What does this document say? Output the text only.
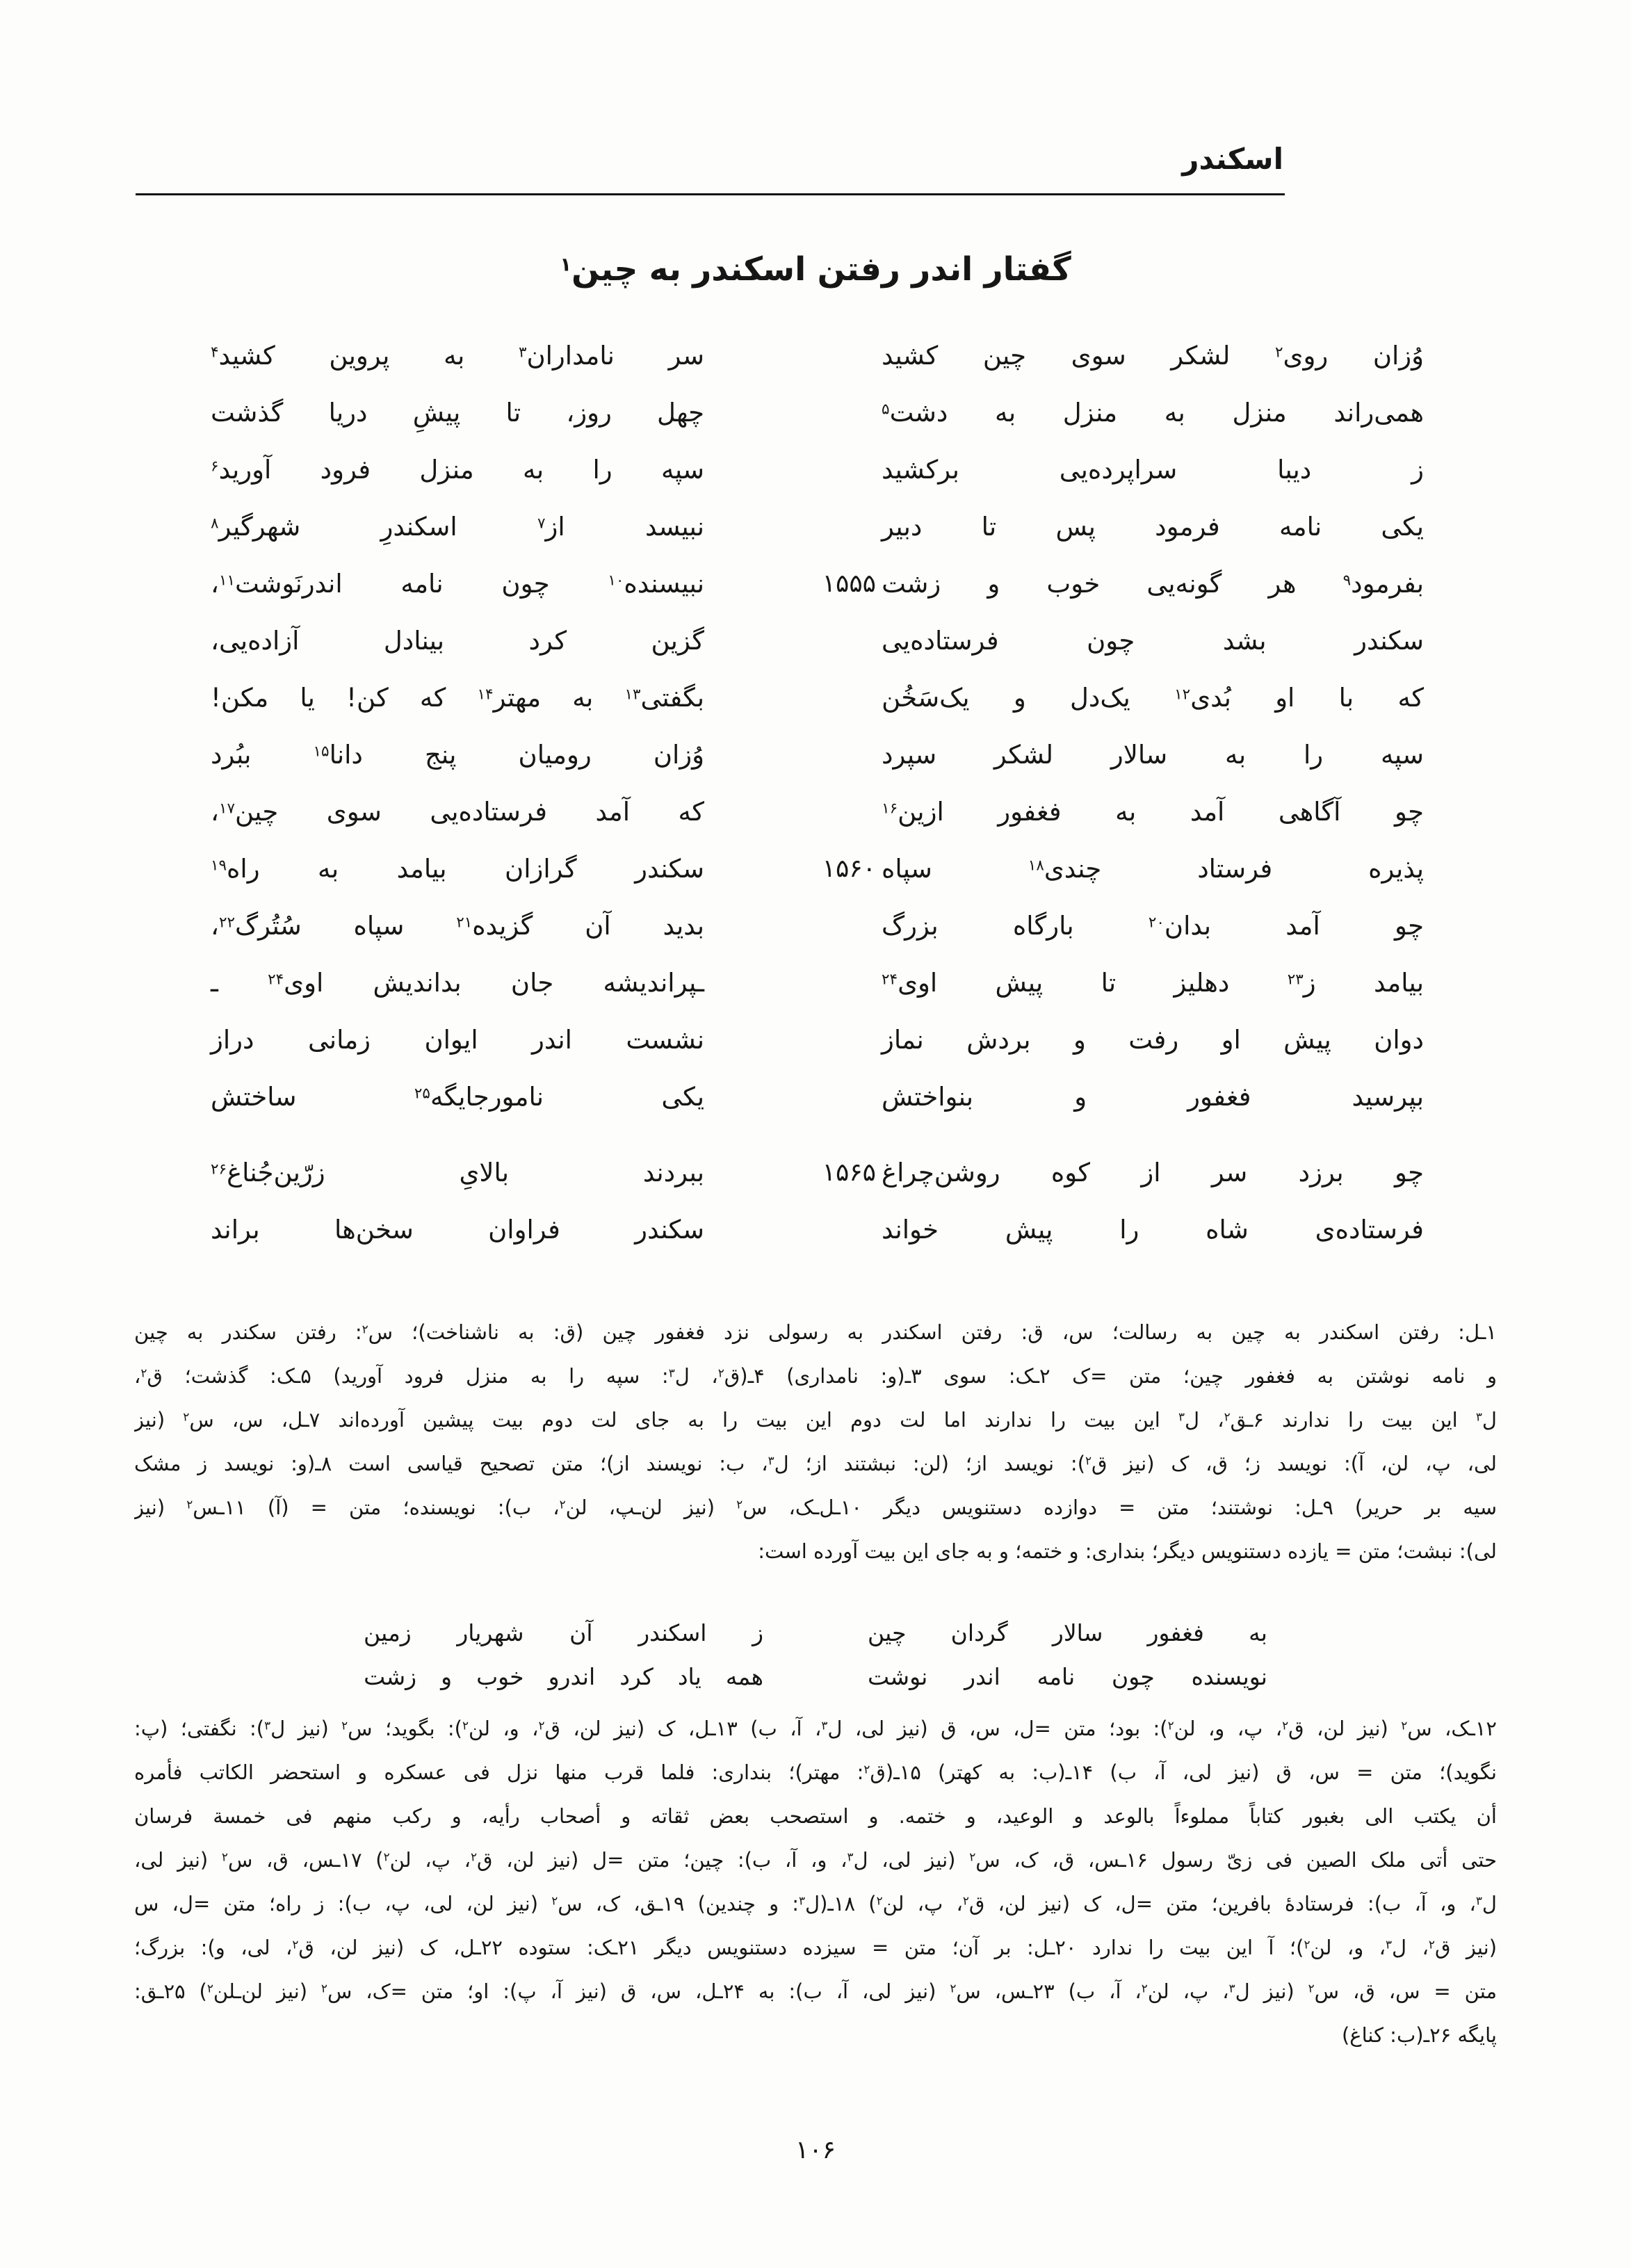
اسکندر
گفتار اندر رفتن اسکندر به چین$^۱$
وُزان
روی$^۲$
لشکر
سوی
چین
کشید
سر
نامداران$^۳$
به
پروین
کشید$^۴$
همی‌راند
منزل
به
منزل
به
دشت$^۵$
چهل
روز،
تا
پیشِ
دریا
گذشت
ز
دیبا
سراپرده‌یی
برکشید
سپه
را
به
منزل
فرود
آورید$^۶$
یکی
نامه
فرمود
پس
تا
دبیر
نبیسد
از$^۷$
اسکندرِ
شهرگیر$^۸$
بفرمود$^۹$
هر
گونه‌یی
خوب
و
زشت
۱۵۵۵
نبیسنده$^{۱۰}$
چون
نامه
اندرنَوشت$^{۱۱}$،
سکندر
بشد
چون
فرستاده‌یی
گزین
کرد
بینادل
آزاده‌یی،
که
با
او
بُدی$^{۱۲}$
یک‌دل
و
یک‌سَخُن
بگفتی$^{۱۳}$
به
مهتر$^{۱۴}$
که
کن!
یا
مکن!
سپه
را
به
سالار
لشکر
سپرد
وُزان
رومیان
پنج
دانا$^{۱۵}$
ببُرد
چو
آگاهی
آمد
به
فغفور
ازین$^{۱۶}$
که
آمد
فرستاده‌یی
سوی
چین$^{۱۷}$،
پذیره
فرستاد
چندی$^{۱۸}$
سپاه
۱۵۶۰
سکندر
گرازان
بیامد
به
راه$^{۱۹}$
چو
آمد
بدان$^{۲۰}$
بارگاه
بزرگ
بدید
آن
گزیده$^{۲۱}$
سپاه
سُتُرگ$^{۲۲}$،
بیامد
ز$^{۲۳}$
دهلیز
تا
پیش
اوی$^{۲۴}$
ـپراندیشه
جان
بداندیش
اوی$^{۲۴}$
ـ
دوان
پیش
او
رفت
و
بردش
نماز
نشست
اندر
ایوان
زمانی
دراز
بپرسید
فغفور
و
بنواختش
یکی
نامورجایگه$^{۲۵}$
ساختش
چو
برزد
سر
از
کوه
روشن‌چراغ
۱۵۶۵
ببردند
بالایِ
زرّین‌جُناغ$^{۲۶}$
فرستاده‌ی
شاه
را
پیش
خواند
سکندر
فراوان
سخن‌ها
براند
۱ـل: رفتن اسکندر به چین به رسالت؛ س، ق: رفتن اسکندر به رسولی نزد فغفور چین (ق: به ناشناخت)؛ س$^۲$: رفتن سکندر به چین
و نامه نوشتن به فغفور چین؛ متن =ک ۲ـک: سوی ۳ـ(و: نامداری) ۴ـ(ق$^۲$، ل$^۳$: سپه را به منزل فرود آورید) ۵ـک: گذشت؛ ق$^۲$،
ل$^۳$ این بیت را ندارند ۶ـق$^۲$، ل$^۳$ این بیت را ندارند اما لت دوم این بیت را به جای لت دوم بیت پیشین آورده‌اند ۷ـل، س، س$^۲$ (نیز
لی، پ، لن، آ): نویسد ز؛ ق، ک (نیز ق$^۲$): نویسد از؛ (لن: نبشتند از؛ ل$^۳$، ب: نویسند از)؛ متن تصحیح قیاسی است ۸ـ(و: نویسد ز مشک
سیه بر حریر) ۹ـل: نوشتند؛ متن = دوازده دستنویس دیگر ۱۰ـل‌ـک، س$^۲$ (نیز لن‌ـپ، لن$^۲$، ب): نویسنده؛ متن = (آ) ۱۱ـس$^۲$ (نیز
لی): نبشت؛ متن = یازده دستنویس دیگر؛ بنداری: و ختمه؛ و به جای این بیت آورده است:
به
فغفور
سالار
گردان
چین
ز
اسکندر
آن
شهریار
زمین
نویسنده
چون
نامه
اندر
نوشت
همه
یاد
کرد
اندرو
خوب
و
زشت
۱۲ـک، س$^۲$ (نیز لن، ق$^۲$، پ، و، لن$^۲$): بود؛ متن =ل، س، ق (نیز لی، ل$^۳$، آ، ب) ۱۳ـل، ک (نیز لن، ق$^۲$، و، لن$^۲$): بگوید؛ س$^۲$ (نیز ل$^۳$): نگفتی؛ (پ:
نگوید)؛ متن = س، ق (نیز لی، آ، ب) ۱۴ـ(ب: به کهتر) ۱۵ـ(ق$^۲$: مهتر)؛ بنداری: فلما قرب منها نزل فی عسکره و استحضر الکاتب فأمره
أن یکتب الی بغبور کتاباً مملوءاً بالوعد و الوعید، و ختمه. و استصحب بعض ثقاته و أصحاب رأیه، و رکب منهم فی خمسة فرسان
حتی أتی ملک الصین فی زیّ رسول ۱۶ـس، ق، ک، س$^۲$ (نیز لی، ل$^۳$، و، آ، ب): چین؛ متن =ل (نیز لن، ق$^۲$، پ، لن$^۲$) ۱۷ـس، ق، س$^۲$ (نیز لی،
ل$^۳$، و، آ، ب): فرستادهٔ بافرین؛ متن =ل، ک (نیز لن، ق$^۲$، پ، لن$^۲$) ۱۸ـ(ل$^۳$: و چندین) ۱۹ـق، ک، س$^۲$ (نیز لن، لی، پ، ب): ز راه؛ متن =ل، س
(نیز ق$^۲$، ل$^۳$، و، لن$^۲$)؛ آ این بیت را ندارد ۲۰ـل: بر آن؛ متن = سیزده دستنویس دیگر ۲۱ـک: ستوده ۲۲ـل، ک (نیز لن، ق$^۲$، لی، و): بزرگ؛
متن = س، ق، س$^۲$ (نیز ل$^۳$، پ، لن$^۲$، آ، ب) ۲۳ـس، س$^۲$ (نیز لی، آ، ب): به ۲۴ـل، س، ق (نیز آ، پ): او؛ متن =ک، س$^۲$ (نیز لن‌ـلن$^۲$) ۲۵ـق:
پایگه ۲۶ـ(ب: کناغ)
۱۰۶
